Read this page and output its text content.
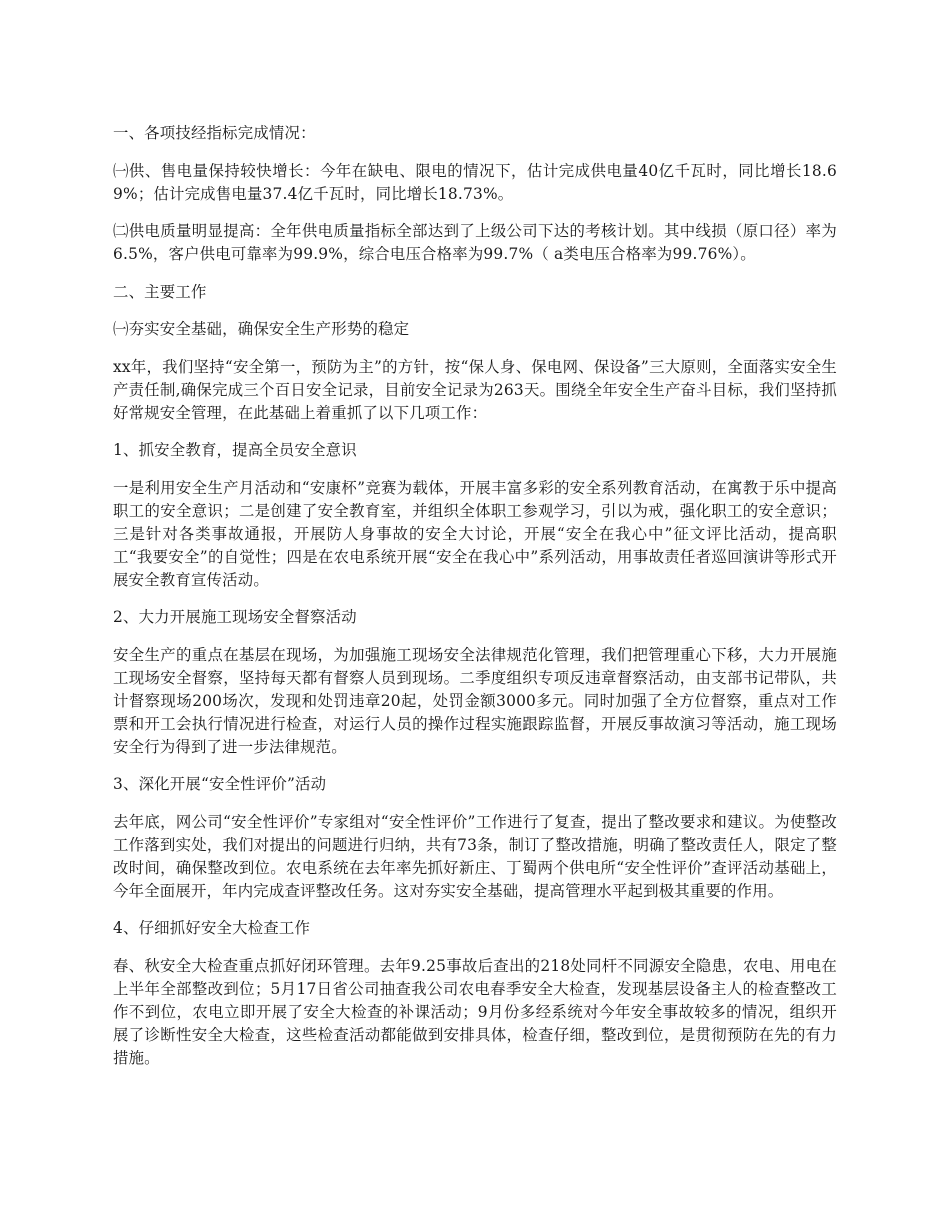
一、各项技经指标完成情况：

㈠供、售电量保持较快增长：今年在缺电、限电的情况下，估计完成供电量40亿千瓦时，同比增长18.69%；估计完成售电量37.4亿千瓦时，同比增长18.73%。

㈡供电质量明显提高：全年供电质量指标全部达到了上级公司下达的考核计划。其中线损（原口径）率为6.5%，客户供电可靠率为99.9%，综合电压合格率为99.7%（ a类电压合格率为99.76%）。

二、主要工作

㈠夯实安全基础，确保安全生产形势的稳定

xx年，我们坚持“安全第一，预防为主”的方针，按“保人身、保电网、保设备”三大原则，全面落实安全生产责任制,确保完成三个百日安全记录，目前安全记录为263天。围绕全年安全生产奋斗目标，我们坚持抓好常规安全管理，在此基础上着重抓了以下几项工作：

1、抓安全教育，提高全员安全意识

一是利用安全生产月活动和“安康杯”竞赛为载体，开展丰富多彩的安全系列教育活动，在寓教于乐中提高职工的安全意识；二是创建了安全教育室，并组织全体职工参观学习，引以为戒，强化职工的安全意识；三是针对各类事故通报，开展防人身事故的安全大讨论，开展“安全在我心中”征文评比活动，提高职工“我要安全”的自觉性；四是在农电系统开展“安全在我心中”系列活动，用事故责任者巡回演讲等形式开展安全教育宣传活动。

2、大力开展施工现场安全督察活动

安全生产的重点在基层在现场，为加强施工现场安全法律规范化管理，我们把管理重心下移，大力开展施工现场安全督察，坚持每天都有督察人员到现场。二季度组织专项反违章督察活动，由支部书记带队，共计督察现场200场次，发现和处罚违章20起，处罚金额3000多元。同时加强了全方位督察，重点对工作票和开工会执行情况进行检查，对运行人员的操作过程实施跟踪监督，开展反事故演习等活动，施工现场安全行为得到了进一步法律规范。

3、深化开展“安全性评价”活动

去年底，网公司“安全性评价”专家组对“安全性评价”工作进行了复查，提出了整改要求和建议。为使整改工作落到实处，我们对提出的问题进行归纳，共有73条，制订了整改措施，明确了整改责任人，限定了整改时间，确保整改到位。农电系统在去年率先抓好新庄、丁蜀两个供电所“安全性评价”查评活动基础上，今年全面展开，年内完成查评整改任务。这对夯实安全基础，提高管理水平起到极其重要的作用。

4、仔细抓好安全大检查工作

春、秋安全大检查重点抓好闭环管理。去年9.25事故后查出的218处同杆不同源安全隐患，农电、用电在上半年全部整改到位；5月17日省公司抽查我公司农电春季安全大检查，发现基层设备主人的检查整改工作不到位，农电立即开展了安全大检查的补课活动；9月份多经系统对今年安全事故较多的情况，组织开展了诊断性安全大检查，这些检查活动都能做到安排具体，检查仔细，整改到位，是贯彻预防在先的有力措施。
